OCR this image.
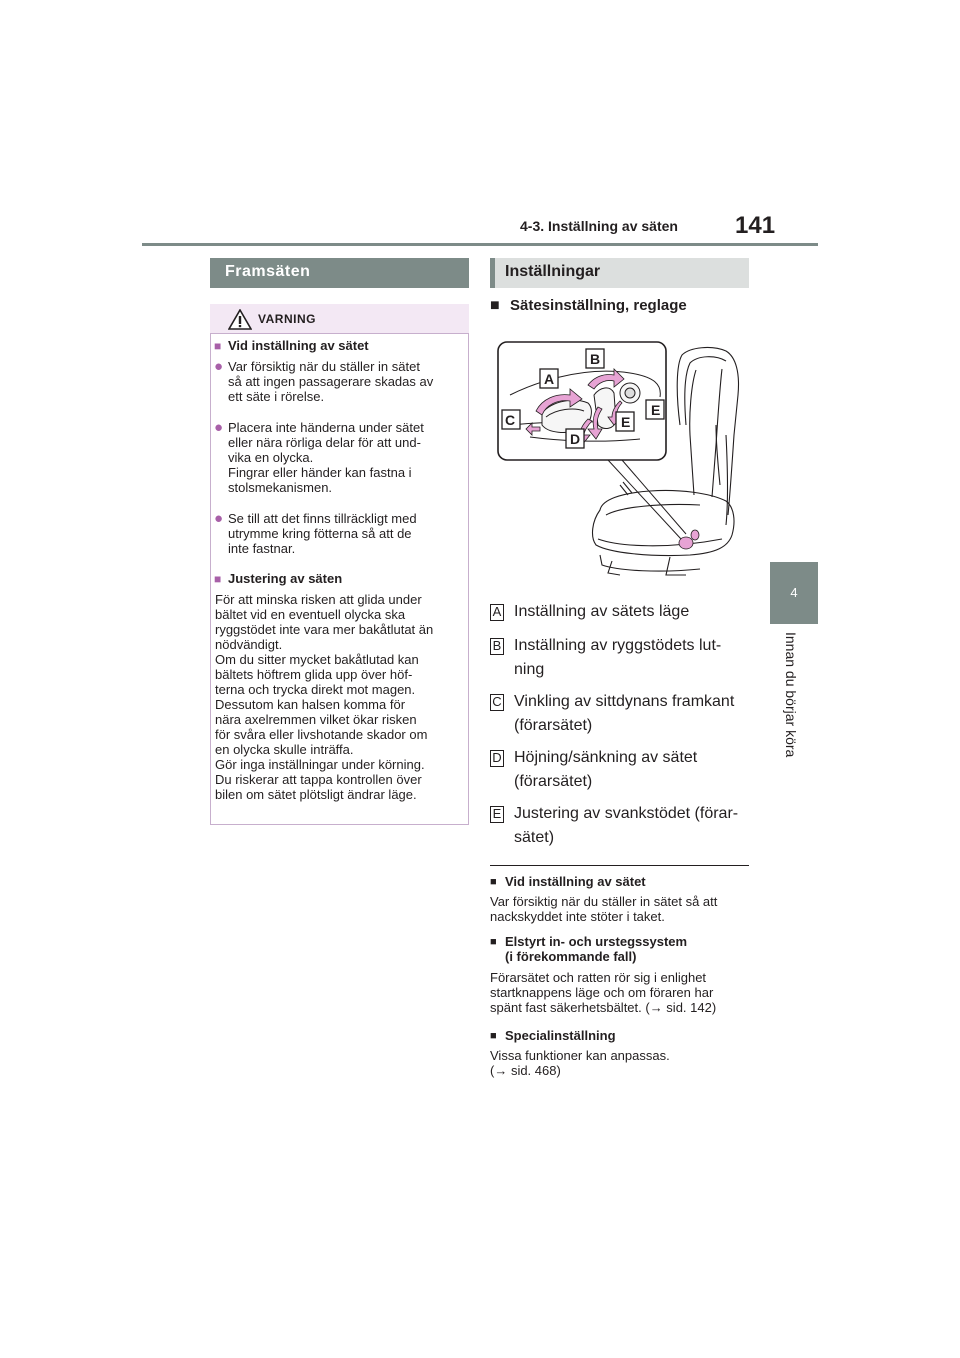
4-3. Inställning av säten 141
4
Innan du börjar köra
Framsäten
VARNING
■ Vid inställning av sätet
● Var försiktig när du ställer in sätet
så att ingen passagerare skadas av
ett säte i rörelse.
● Placera inte händerna under sätet
eller nära rörliga delar för att und-
vika en olycka.
Fingrar eller händer kan fastna i
stolsmekanismen.
● Se till att det finns tillräckligt med
utrymme kring fötterna så att de
inte fastnar.
■ Justering av säten
För att minska risken att glida under
bältet vid en eventuell olycka ska
ryggstödet inte vara mer bakåtlutat än
nödvändigt.
Om du sitter mycket bakåtlutad kan
bältets höftrem glida upp över höf-
terna och trycka direkt mot magen.
Dessutom kan halsen komma för
nära axelremmen vilket ökar risken
för svåra eller livshotande skador om
en olycka skulle inträffa.
Gör inga inställningar under körning.
Du riskerar att tappa kontrollen över
bilen om sätet plötsligt ändrar läge.
Inställningar
■ Sätesinställning, reglage
A
B
C
D
E
E
A Inställning av sätets läge
B Inställning av ryggstödets lut-
ning
C Vinkling av sittdynans framkant
(förarsätet)
D Höjning/sänkning av sätet
(förarsätet)
E Justering av svankstödet (förar-
sätet)
■ Vid inställning av sätet
Var försiktig när du ställer in sätet så att
nackskyddet inte stöter i taket.
■ Elstyrt in- och urstegssystem
(i förekommande fall)
Förarsätet och ratten rör sig i enlighet
startknappens läge och om föraren har
spänt fast säkerhetsbältet. (→ sid. 142)
■ Specialinställning
Vissa funktioner kan anpassas.
(→ sid. 468)
